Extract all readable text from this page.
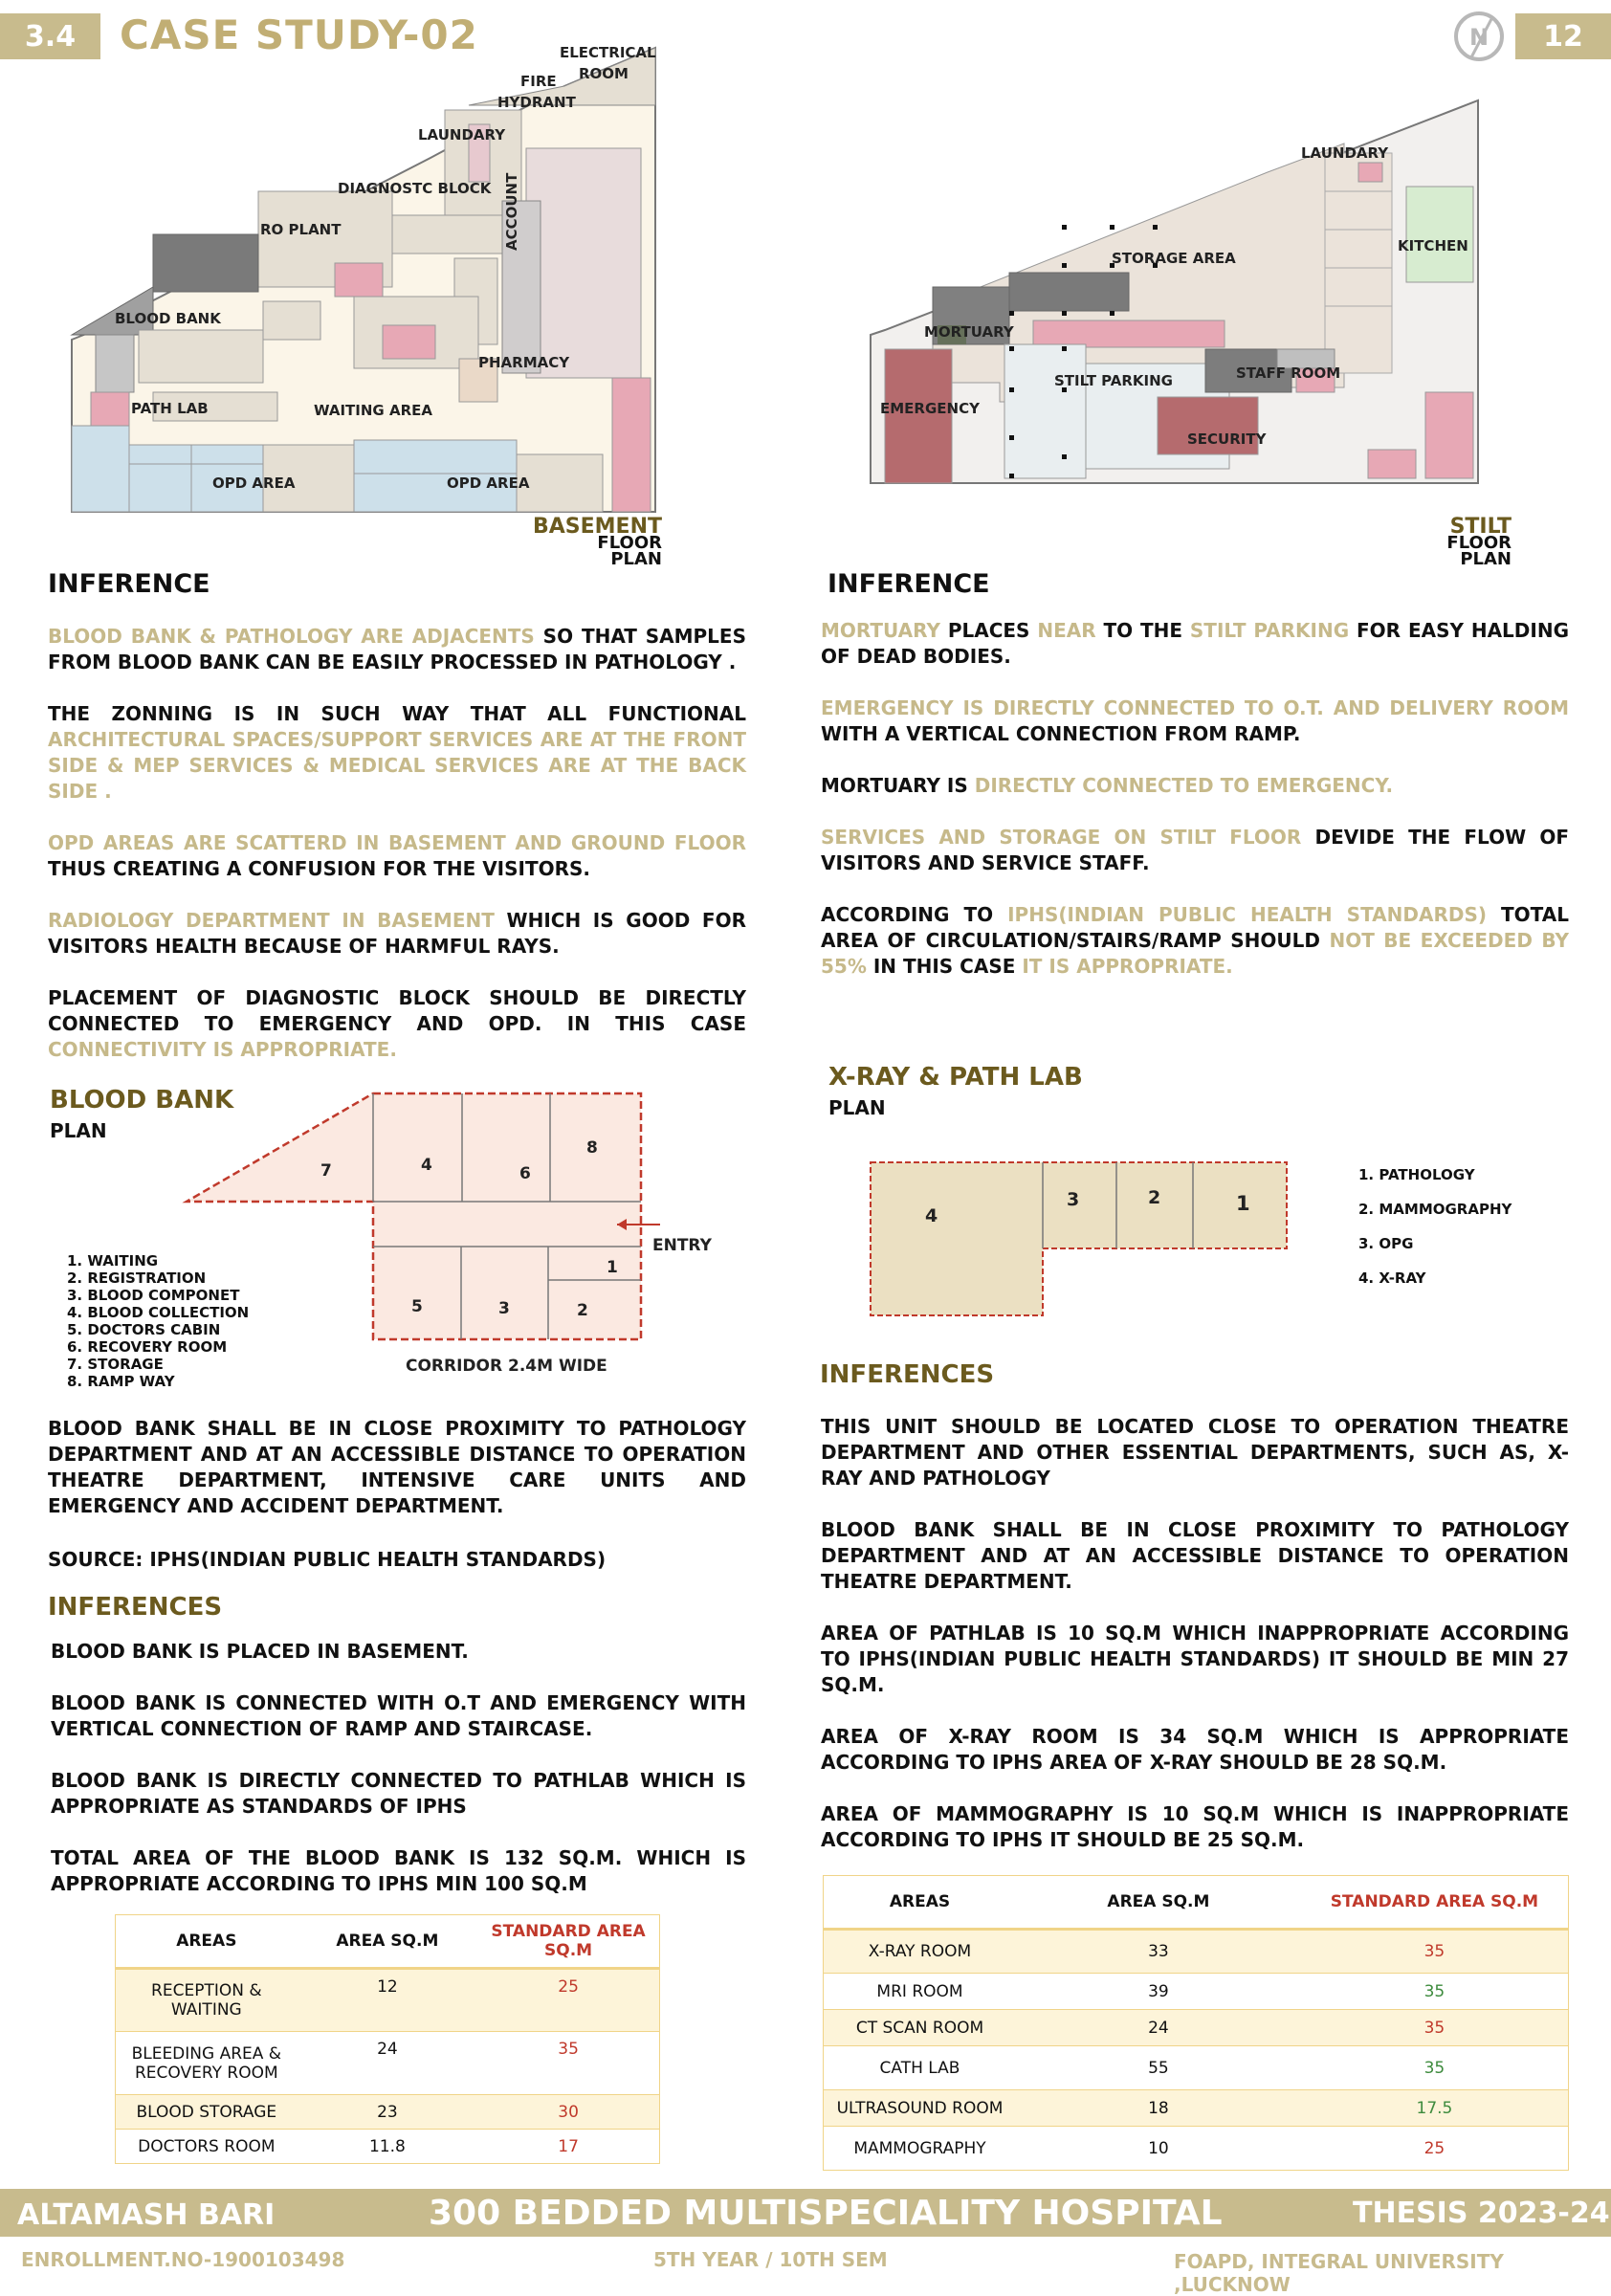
3.4	CASE STUDY-02	12
N
ELECTRICAL
ROOM
FIRE
HYDRANT
LAUNDARY
DIAGNOSTC BLOCK
RO PLANT	ACCOUNT
BLOOD BANK
PHARMACY
PATH LAB	WAITING AREA
OPD AREA	OPD AREA
BASEMENT
FLOOR
PLAN
LAUNDARY
KITCHEN
STORAGE AREA
MORTUARY
STILT PARKING	STAFF ROOM
EMERGENCY
SECURITY
STILT
FLOOR
PLAN
INFERENCE

BLOOD BANK & PATHOLOGY ARE ADJACENTS SO THAT SAMPLES FROM BLOOD BANK CAN BE EASILY PROCESSED IN PATHOLOGY .

THE ZONNING IS IN SUCH WAY THAT ALL FUNCTIONAL ARCHITECTURAL SPACES/SUPPORT SERVICES ARE AT THE FRONT SIDE & MEP SERVICES & MEDICAL SERVICES ARE AT THE BACK SIDE .

OPD AREAS ARE SCATTERD IN BASEMENT AND GROUND FLOOR THUS CREATING A CONFUSION FOR THE VISITORS.

RADIOLOGY DEPARTMENT IN BASEMENT WHICH IS GOOD FOR VISITORS HEALTH BECAUSE OF HARMFUL RAYS.

PLACEMENT OF DIAGNOSTIC BLOCK SHOULD BE DIRECTLY CONNECTED TO EMERGENCY AND OPD. IN THIS CASE CONNECTIVITY IS APPROPRIATE.

INFERENCE

MORTUARY PLACES NEAR TO THE STILT PARKING FOR EASY HALDING OF DEAD BODIES.

EMERGENCY IS DIRECTLY CONNECTED TO O.T. AND DELIVERY ROOM WITH A VERTICAL CONNECTION FROM RAMP.

MORTUARY IS DIRECTLY CONNECTED TO EMERGENCY.

SERVICES AND STORAGE ON STILT FLOOR DEVIDE THE FLOW OF VISITORS AND SERVICE STAFF.

ACCORDING TO IPHS(INDIAN PUBLIC HEALTH STANDARDS) TOTAL AREA OF CIRCULATION/STAIRS/RAMP SHOULD NOT BE EXCEEDED BY 55% IN THIS CASE IT IS APPROPRIATE.

BLOOD BANK
PLAN
8
4
7	6
1
5	3	2
ENTRY
CORRIDOR 2.4M WIDE
1. WAITING
2. REGISTRATION
3. BLOOD COMPONET
4. BLOOD COLLECTION
5. DOCTORS CABIN
6. RECOVERY ROOM
7. STORAGE
8. RAMP WAY
BLOOD BANK SHALL BE IN CLOSE PROXIMITY TO PATHOLOGY DEPARTMENT AND AT AN ACCESSIBLE DISTANCE TO OPERATION THEATRE DEPARTMENT, INTENSIVE CARE UNITS AND EMERGENCY AND ACCIDENT DEPARTMENT.
SOURCE: IPHS(INDIAN PUBLIC HEALTH STANDARDS)
INFERENCES

BLOOD BANK IS PLACED IN BASEMENT.

BLOOD BANK IS CONNECTED WITH O.T AND EMERGENCY WITH VERTICAL CONNECTION OF RAMP AND STAIRCASE.

BLOOD BANK IS DIRECTLY CONNECTED TO PATHLAB WHICH IS APPROPRIATE AS STANDARDS OF IPHS

TOTAL AREA OF THE BLOOD BANK IS 132 SQ.M. WHICH IS APPROPRIATE ACCORDING TO IPHS MIN 100 SQ.M

AREAS	AREA SQ.M	STANDARD AREA
SQ.M
RECEPTION &
WAITING	12	25
BLEEDING AREA &
RECOVERY ROOM	24	35
BLOOD STORAGE	23	30
DOCTORS ROOM	11.8	17
X-RAY & PATH LAB
PLAN
4
3	2	1
1. PATHOLOGY
2. MAMMOGRAPHY
3. OPG
4. X-RAY
INFERENCES

THIS UNIT SHOULD BE LOCATED CLOSE TO OPERATION THEATRE DEPARTMENT AND OTHER ESSENTIAL DEPARTMENTS, SUCH AS, X-RAY AND PATHOLOGY

BLOOD BANK SHALL BE IN CLOSE PROXIMITY TO PATHOLOGY DEPARTMENT AND AT AN ACCESSIBLE DISTANCE TO OPERATION THEATRE DEPARTMENT.

AREA OF PATHLAB IS 10 SQ.M WHICH INAPPROPRIATE ACCORDING TO IPHS(INDIAN PUBLIC HEALTH STANDARDS) IT SHOULD BE MIN 27 SQ.M.

AREA OF X-RAY ROOM IS 34 SQ.M WHICH IS APPROPRIATE ACCORDING TO IPHS AREA OF X-RAY SHOULD BE 28 SQ.M.

AREA OF MAMMOGRAPHY IS 10 SQ.M WHICH IS INAPPROPRIATE ACCORDING TO IPHS IT SHOULD BE 25 SQ.M.

AREAS	AREA SQ.M	STANDARD AREA SQ.M
X-RAY ROOM	33	35
MRI ROOM	39	35
CT SCAN ROOM	24	35
CATH LAB	55	35
ULTRASOUND ROOM	18	17.5
MAMMOGRAPHY	10	25
ALTAMASH BARI	300 BEDDED MULTISPECIALITY HOSPITAL	THESIS 2023-24
ENROLLMENT.NO-1900103498	5TH YEAR / 10TH SEM	FOAPD, INTEGRAL UNIVERSITY ,LUCKNOW
